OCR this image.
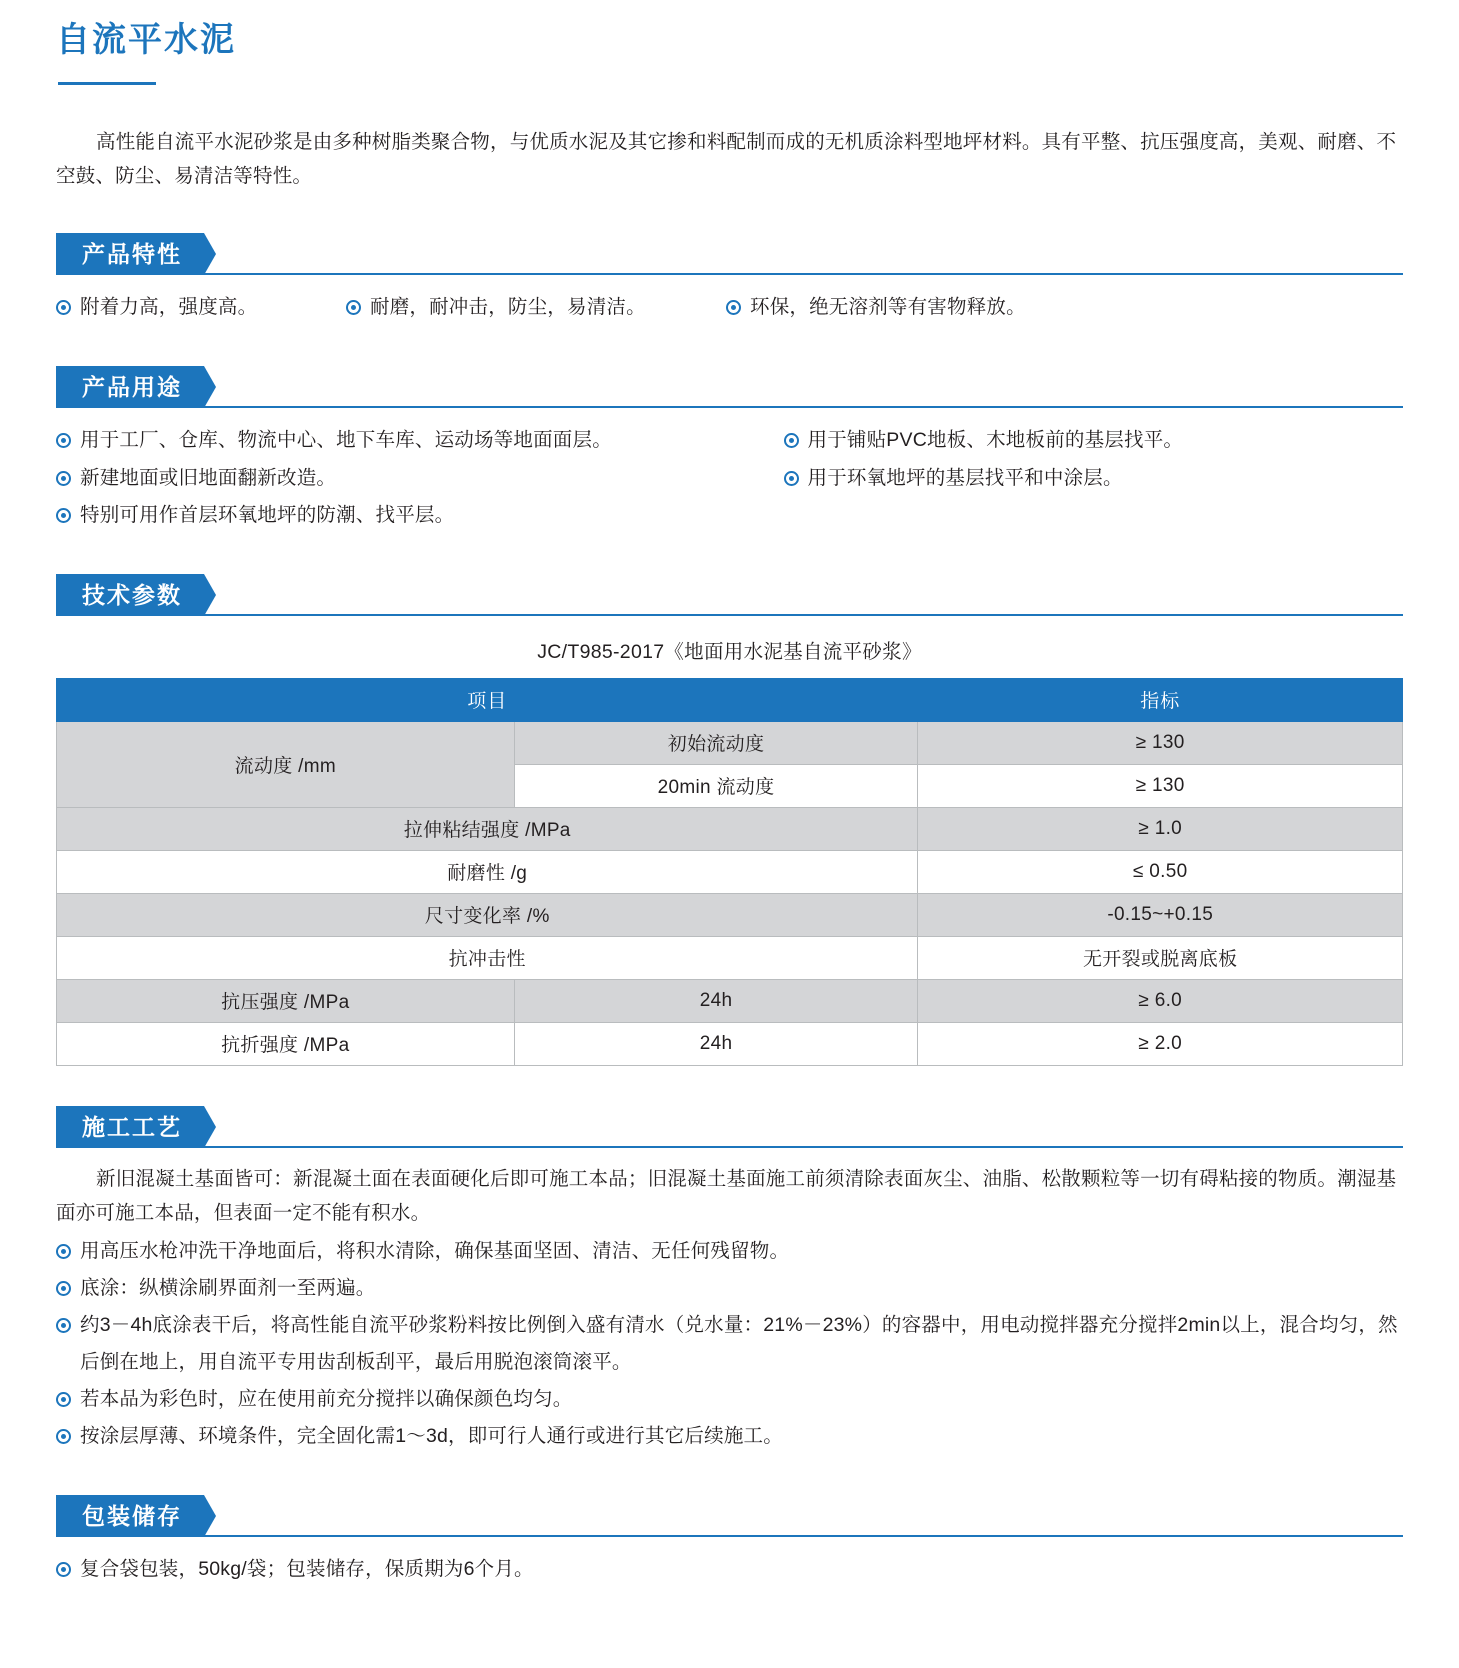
自流平水泥

高性能自流平水泥砂浆是由多种树脂类聚合物，与优质水泥及其它掺和料配制而成的无机质涂料型地坪材料。具有平整、抗压强度高，美观、耐磨、不空鼓、防尘、易清洁等特性。

产品特性
附着力高，强度高。	耐磨，耐冲击，防尘，易清洁。	环保，绝无溶剂等有害物释放。
产品用途
用于工厂、仓库、物流中心、地下车库、运动场等地面面层。
新建地面或旧地面翻新改造。
特别可用作首层环氧地坪的防潮、找平层。
用于铺贴PVC地板、木地板前的基层找平。
用于环氧地坪的基层找平和中涂层。
技术参数
JC/T985-2017《地面用水泥基自流平砂浆》
项目		指标
流动度 /mm	初始流动度	≥ 130
	20min 流动度	≥ 130
拉伸粘结强度 /MPa		≥ 1.0
耐磨性 /g		≤ 0.50
尺寸变化率 /%		-0.15~+0.15
抗冲击性		无开裂或脱离底板
抗压强度 /MPa	24h	≥ 6.0
抗折强度 /MPa	24h	≥ 2.0
施工工艺

新旧混凝土基面皆可：新混凝土面在表面硬化后即可施工本品；旧混凝土基面施工前须清除表面灰尘、油脂、松散颗粒等一切有碍粘接的物质。潮湿基面亦可施工本品，但表面一定不能有积水。

用高压水枪冲洗干净地面后，将积水清除，确保基面坚固、清洁、无任何残留物。
底涂：纵横涂刷界面剂一至两遍。
约3－4h底涂表干后，将高性能自流平砂浆粉料按比例倒入盛有清水（兑水量：21%－23%）的容器中，用电动搅拌器充分搅拌2min以上，混合均匀，然后倒在地上，用自流平专用齿刮板刮平，最后用脱泡滚筒滚平。
若本品为彩色时，应在使用前充分搅拌以确保颜色均匀。
按涂层厚薄、环境条件，完全固化需1～3d，即可行人通行或进行其它后续施工。
包装储存
复合袋包装，50kg/袋；包装储存，保质期为6个月。
